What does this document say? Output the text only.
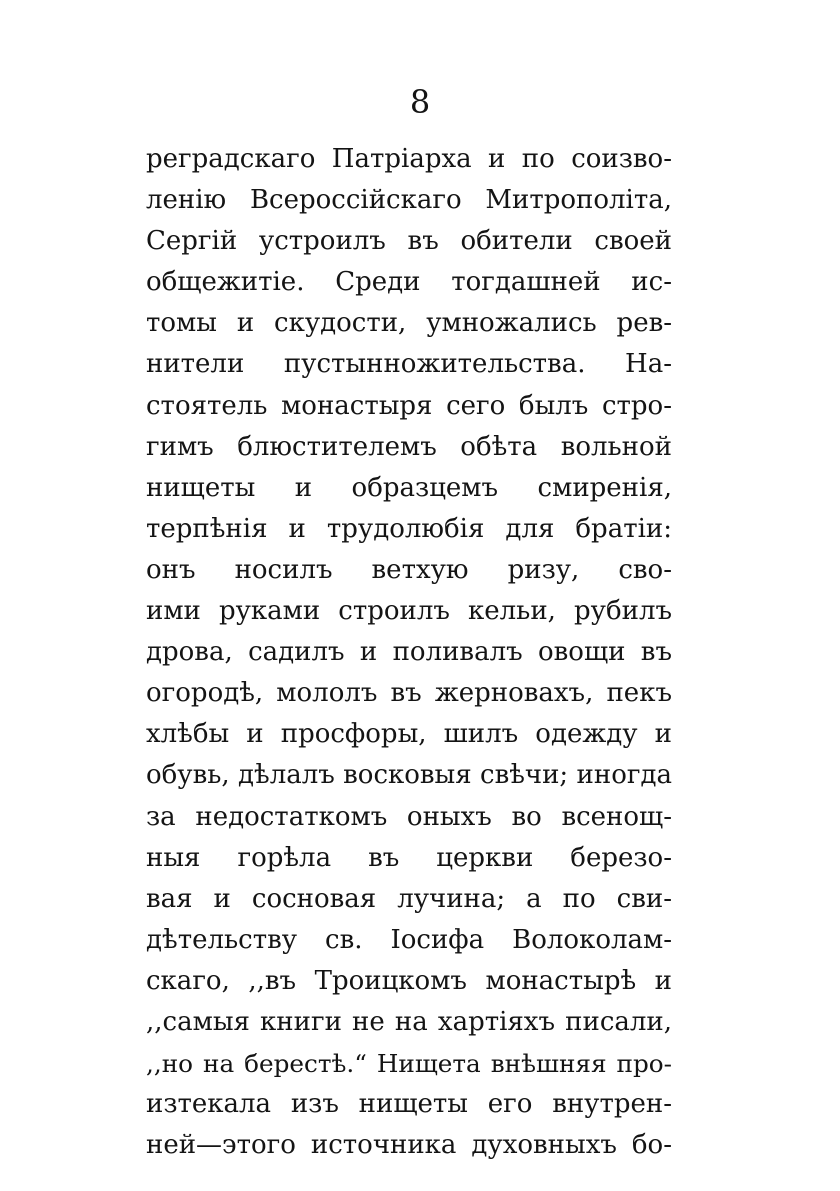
8
реградскаго Патріарха и по соизво-
ленію Всероссійскаго Митрополіта,
Сергій устроилъ въ обители своей
общежитіе. Среди тогдашней ис-
томы и скудости, умножались рев-
нители пустынножительства. На-
стоятель монастыря сего былъ стро-
гимъ блюстителемъ обѣта вольной
нищеты и образцемъ смиренія,
терпѣнія и трудолюбія для братіи:
онъ носилъ ветхую ризу, сво-
ими руками строилъ кельи, рубилъ
дрова, садилъ и поливалъ овощи въ
огородѣ, мололъ въ жерновахъ, пекъ
хлѣбы и просфоры, шилъ одежду и
обувь, дѣлалъ восковыя свѣчи; иногда
за недостаткомъ оныхъ во всенощ-
ныя горѣла въ церкви березо-
вая и сосновая лучина; а по сви-
дѣтельству св. Іосифа Волоколам-
скаго, ,,въ Троицкомъ монастырѣ и
,,самыя книги не на хартіяхъ писали,
,,но на берестѣ.“ Нищета внѣшняя про-
изтекала изъ нищеты его внутрен-
ней—этого источника духовныхъ бо-
